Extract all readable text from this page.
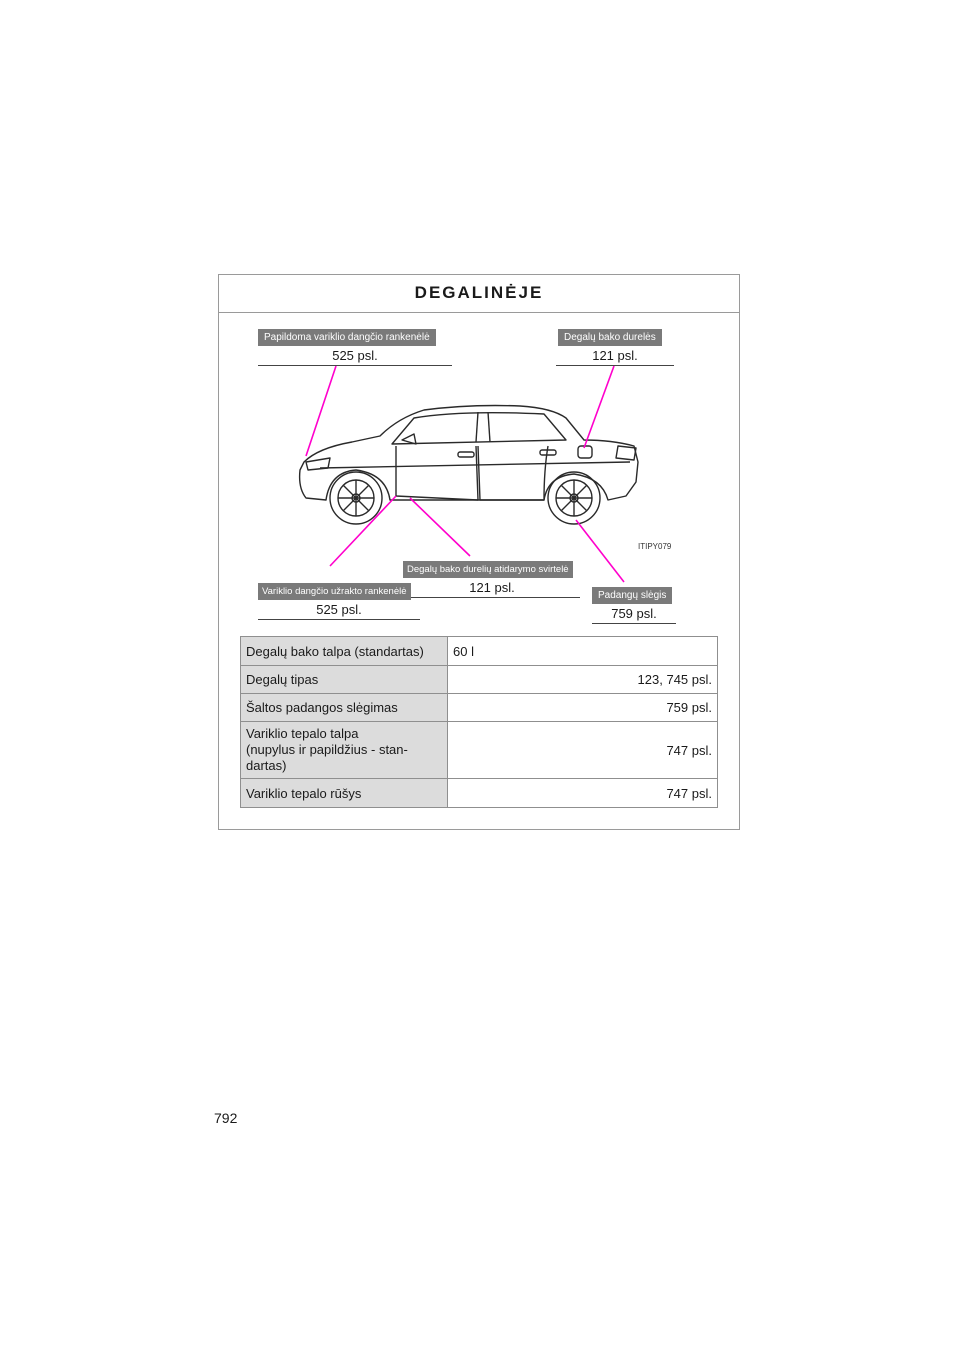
DEGALINĖJE
Papildoma variklio dangčio rankenėlė
525 psl.
Degalų bako durelės
121 psl.
ITIPY079
Degalų bako durelių atidarymo svirtelė
121 psl.
Variklio dangčio užrakto rankenėlė
525 psl.
Padangų slėgis
759 psl.
Degalų bako talpa (standartas)	60 l
Degalų tipas	123, 745 psl.
Šaltos padangos slėgimas	759 psl.
Variklio tepalo talpa
(nupylus ir papildžius - stan-
dartas)	747 psl.
Variklio tepalo rūšys	747 psl.
792
